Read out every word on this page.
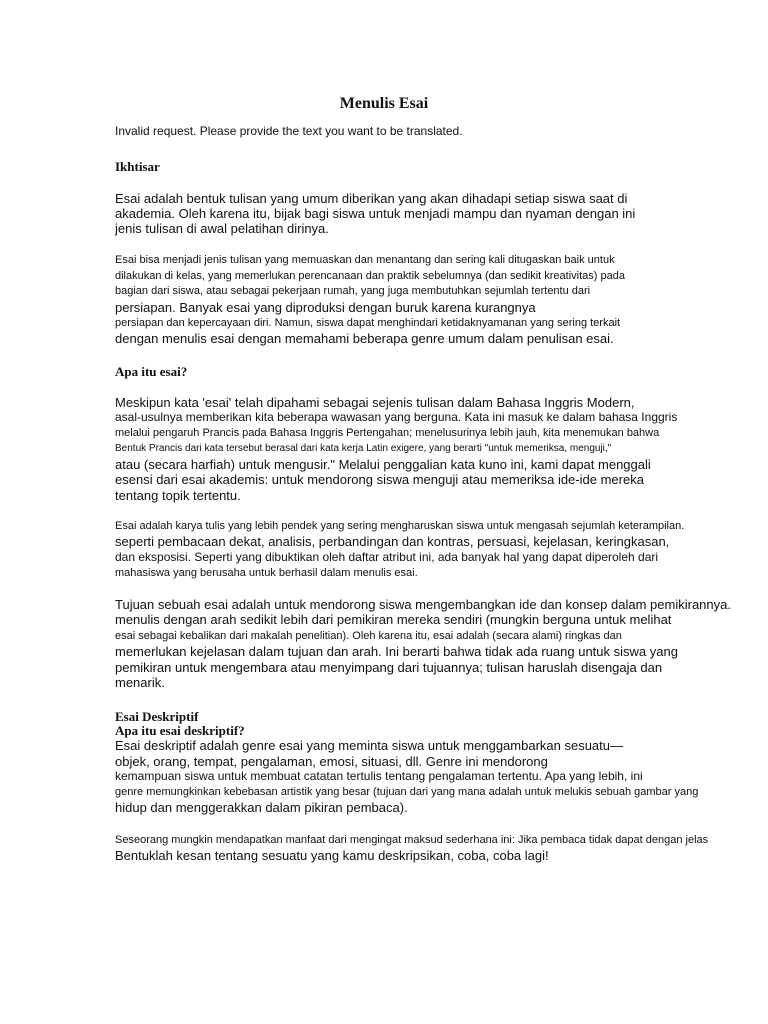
Menulis Esai
Invalid request. Please provide the text you want to be translated.
Ikhtisar
Esai adalah bentuk tulisan yang umum diberikan yang akan dihadapi setiap siswa saat di
akademia. Oleh karena itu, bijak bagi siswa untuk menjadi mampu dan nyaman dengan ini
jenis tulisan di awal pelatihan dirinya.
Esai bisa menjadi jenis tulisan yang memuaskan dan menantang dan sering kali ditugaskan baik untuk
dilakukan di kelas, yang memerlukan perencanaan dan praktik sebelumnya (dan sedikit kreativitas) pada
bagian dari siswa, atau sebagai pekerjaan rumah, yang juga membutuhkan sejumlah tertentu dari
persiapan. Banyak esai yang diproduksi dengan buruk karena kurangnya
persiapan dan kepercayaan diri. Namun, siswa dapat menghindari ketidaknyamanan yang sering terkait
dengan menulis esai dengan memahami beberapa genre umum dalam penulisan esai.
Apa itu esai?
Meskipun kata 'esai' telah dipahami sebagai sejenis tulisan dalam Bahasa Inggris Modern,
asal-usulnya memberikan kita beberapa wawasan yang berguna. Kata ini masuk ke dalam bahasa Inggris
melalui pengaruh Prancis pada Bahasa Inggris Pertengahan; menelusurinya lebih jauh, kita menemukan bahwa
Bentuk Prancis dari kata tersebut berasal dari kata kerja Latin exigere, yang berarti "untuk memeriksa, menguji,"
atau (secara harfiah) untuk mengusir." Melalui penggalian kata kuno ini, kami dapat menggali
esensi dari esai akademis: untuk mendorong siswa menguji atau memeriksa ide-ide mereka
tentang topik tertentu.
Esai adalah karya tulis yang lebih pendek yang sering mengharuskan siswa untuk mengasah sejumlah keterampilan.
seperti pembacaan dekat, analisis, perbandingan dan kontras, persuasi, kejelasan, keringkasan,
dan eksposisi. Seperti yang dibuktikan oleh daftar atribut ini, ada banyak hal yang dapat diperoleh dari
mahasiswa yang berusaha untuk berhasil dalam menulis esai.
Tujuan sebuah esai adalah untuk mendorong siswa mengembangkan ide dan konsep dalam pemikirannya.
menulis dengan arah sedikit lebih dari pemikiran mereka sendiri (mungkin berguna untuk melihat
esai sebagai kebalikan dari makalah penelitian). Oleh karena itu, esai adalah (secara alami) ringkas dan
memerlukan kejelasan dalam tujuan dan arah. Ini berarti bahwa tidak ada ruang untuk siswa yang
pemikiran untuk mengembara atau menyimpang dari tujuannya; tulisan haruslah disengaja dan
menarik.
Esai Deskriptif
Apa itu esai deskriptif?
Esai deskriptif adalah genre esai yang meminta siswa untuk menggambarkan sesuatu—
objek, orang, tempat, pengalaman, emosi, situasi, dll. Genre ini mendorong
kemampuan siswa untuk membuat catatan tertulis tentang pengalaman tertentu. Apa yang lebih, ini
genre memungkinkan kebebasan artistik yang besar (tujuan dari yang mana adalah untuk melukis sebuah gambar yang
hidup dan menggerakkan dalam pikiran pembaca).
Seseorang mungkin mendapatkan manfaat dari mengingat maksud sederhana ini: Jika pembaca tidak dapat dengan jelas
Bentuklah kesan tentang sesuatu yang kamu deskripsikan, coba, coba lagi!
